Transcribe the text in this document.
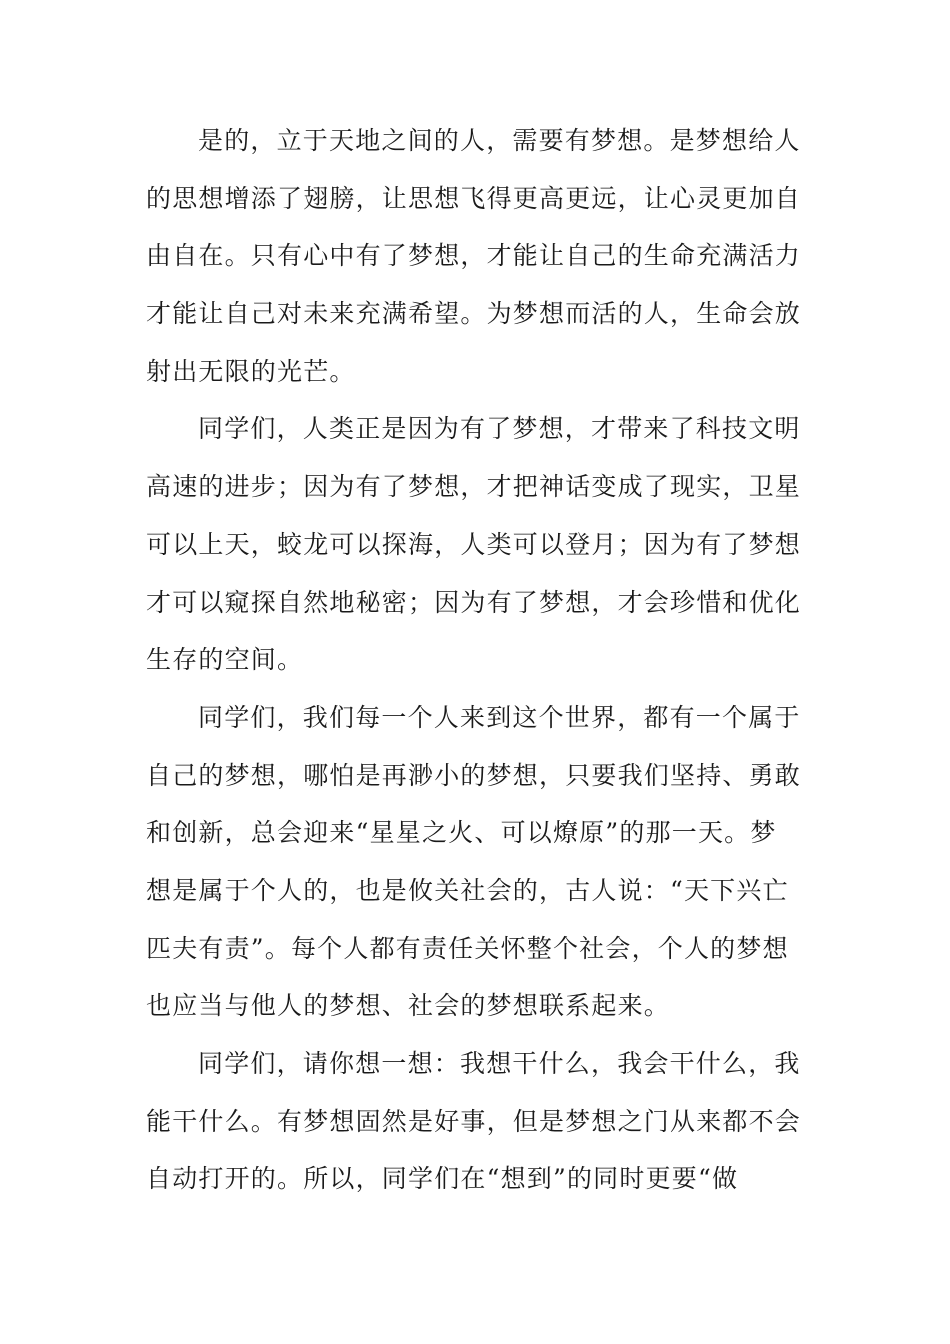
是的，立于天地之间的人，需要有梦想。是梦想给人
的思想增添了翅膀，让思想飞得更高更远，让心灵更加自
由自在。只有心中有了梦想，才能让自己的生命充满活力
才能让自己对未来充满希望。为梦想而活的人，生命会放
射出无限的光芒。
同学们，人类正是因为有了梦想，才带来了科技文明
高速的进步；因为有了梦想，才把神话变成了现实，卫星
可以上天，蛟龙可以探海，人类可以登月；因为有了梦想
才可以窥探自然地秘密；因为有了梦想，才会珍惜和优化
生存的空间。
同学们，我们每一个人来到这个世界，都有一个属于
自己的梦想，哪怕是再渺小的梦想，只要我们坚持、勇敢
和创新，总会迎来“星星之火、可以燎原”的那一天。梦
想是属于个人的，也是攸关社会的，古人说：“天下兴亡
匹夫有责”。每个人都有责任关怀整个社会，个人的梦想
也应当与他人的梦想、社会的梦想联系起来。
同学们，请你想一想：我想干什么，我会干什么，我
能干什么。有梦想固然是好事，但是梦想之门从来都不会
自动打开的。所以，同学们在“想到”的同时更要“做
